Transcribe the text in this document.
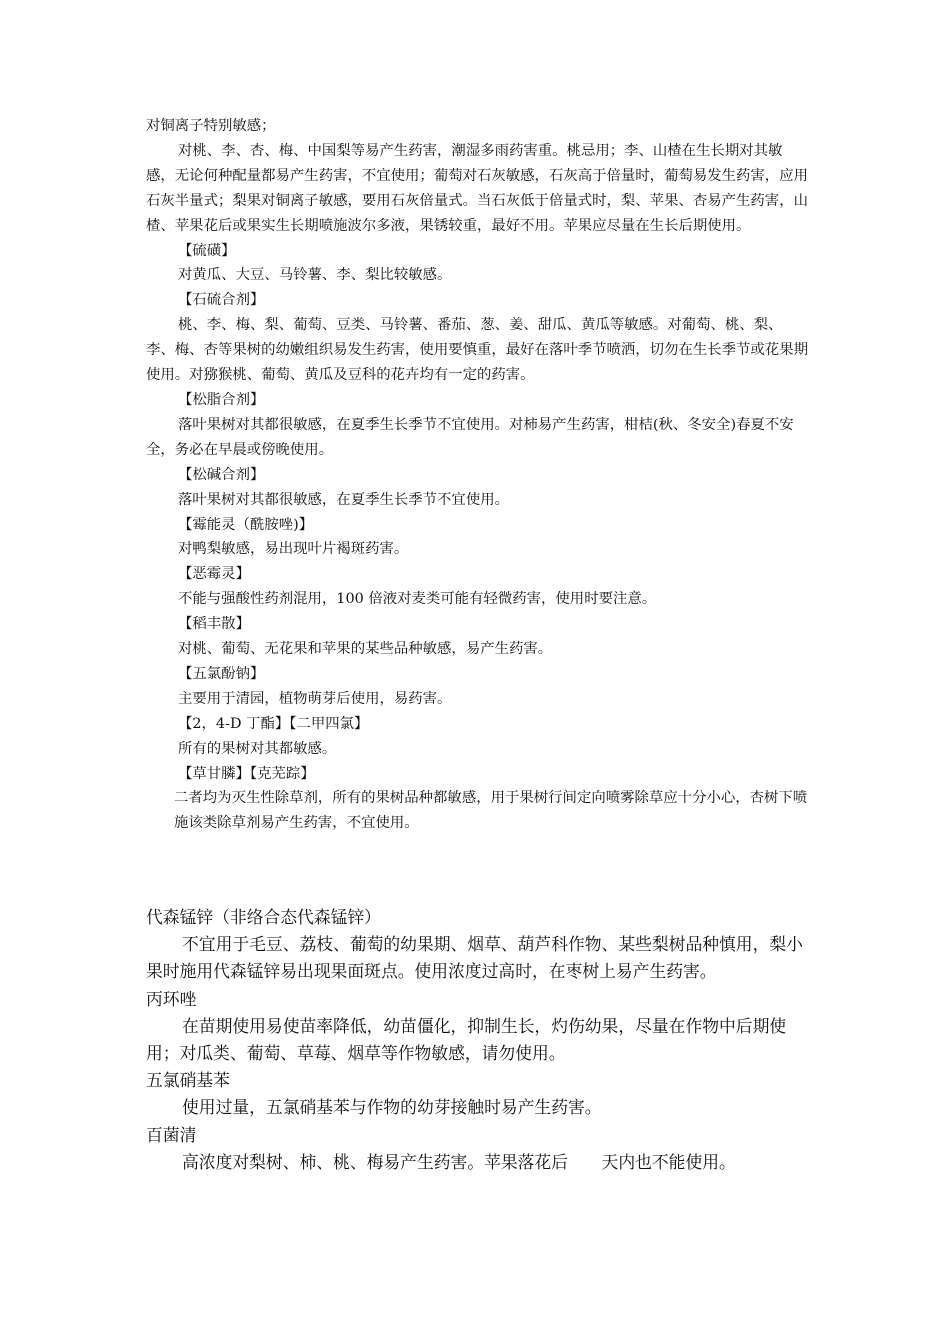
对铜离子特别敏感；

对桃、李、杏、梅、中国梨等易产生药害，潮湿多雨药害重。桃忌用；李、山楂在生长期对其敏感，无论何种配量都易产生药害，不宜使用；葡萄对石灰敏感，石灰高于倍量时，葡萄易发生药害，应用石灰半量式；梨果对铜离子敏感，要用石灰倍量式。当石灰低于倍量式时，梨、苹果、杏易产生药害，山楂、苹果花后或果实生长期喷施波尔多液，果锈较重，最好不用。苹果应尽量在生长后期使用。

【硫磺】

对黄瓜、大豆、马铃薯、李、梨比较敏感。

【石硫合剂】

桃、李、梅、梨、葡萄、豆类、马铃薯、番茄、葱、姜、甜瓜、黄瓜等敏感。对葡萄、桃、梨、李、梅、杏等果树的幼嫩组织易发生药害，使用要慎重，最好在落叶季节喷洒，切勿在生长季节或花果期使用。对猕猴桃、葡萄、黄瓜及豆科的花卉均有一定的药害。

【松脂合剂】

落叶果树对其都很敏感，在夏季生长季节不宜使用。对柿易产生药害，柑桔(秋、冬安全)春夏不安全，务必在早晨或傍晚使用。

【松碱合剂】

落叶果树对其都很敏感，在夏季生长季节不宜使用。

【霉能灵（酰胺唑)】

对鸭梨敏感，易出现叶片褐斑药害。

【恶霉灵】

不能与强酸性药剂混用，100 倍液对麦类可能有轻微药害，使用时要注意。

【稻丰散】

对桃、葡萄、无花果和苹果的某些品种敏感，易产生药害。

【五氯酚钠】

主要用于清园，植物萌芽后使用，易药害。

【2，4-D 丁酯】【二甲四氯】

所有的果树对其都敏感。

【草甘膦】【克芜踪】

二者均为灭生性除草剂，所有的果树品种都敏感，用于果树行间定向喷雾除草应十分小心，杏树下喷施该类除草剂易产生药害，不宜使用。

代森锰锌（非络合态代森锰锌）

不宜用于毛豆、荔枝、葡萄的幼果期、烟草、葫芦科作物、某些梨树品种慎用，梨小果时施用代森锰锌易出现果面斑点。使用浓度过高时，在枣树上易产生药害。

丙环唑

在苗期使用易使苗率降低，幼苗僵化，抑制生长，灼伤幼果，尽量在作物中后期使用；对瓜类、葡萄、草莓、烟草等作物敏感，请勿使用。

五氯硝基苯

使用过量，五氯硝基苯与作物的幼芽接触时易产生药害。

百菌清

高浓度对梨树、柿、桃、梅易产生药害。苹果落花后　　天内也不能使用。
